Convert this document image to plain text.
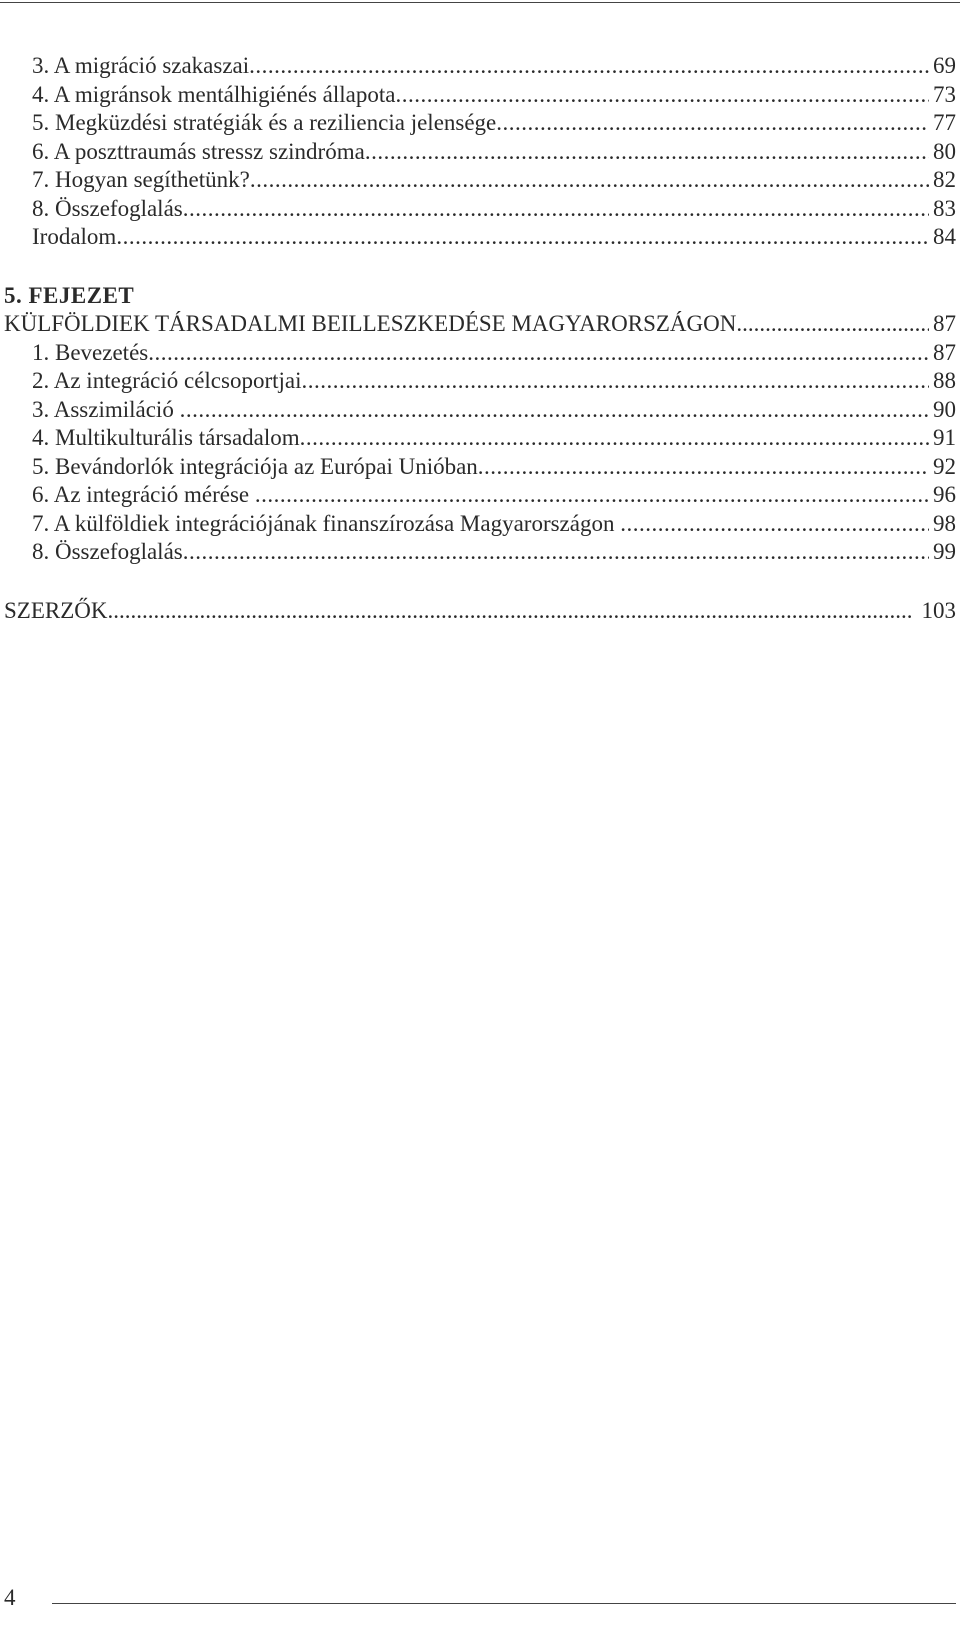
3. A migráció szakaszai .....	69
4. A migránsok mentálhigiénés állapota .....	73
5. Megküzdési stratégiák és a reziliencia jelensége .....	77
6. A poszttraumás stressz szindróma .....	80
7. Hogyan segíthetünk? .....	82
8. Összefoglalás .....	83
Irodalom .....	84
5. FEJEZET
KÜLFÖLDIEK TÁRSADALMI BEILLESZKEDÉSE MAGYARORSZÁGON .....	87
1. Bevezetés .....	87
2. Az integráció célcsoportjai .....	88
3. Asszimiláció .....	90
4. Multikulturális társadalom .....	91
5. Bevándorlók integrációja az Európai Unióban .....	92
6. Az integráció mérése .....	96
7. A külföldiek integrációjának finanszírozása Magyarországon .....	98
8. Összefoglalás .....	99
SZERZŐK .....	103
4
